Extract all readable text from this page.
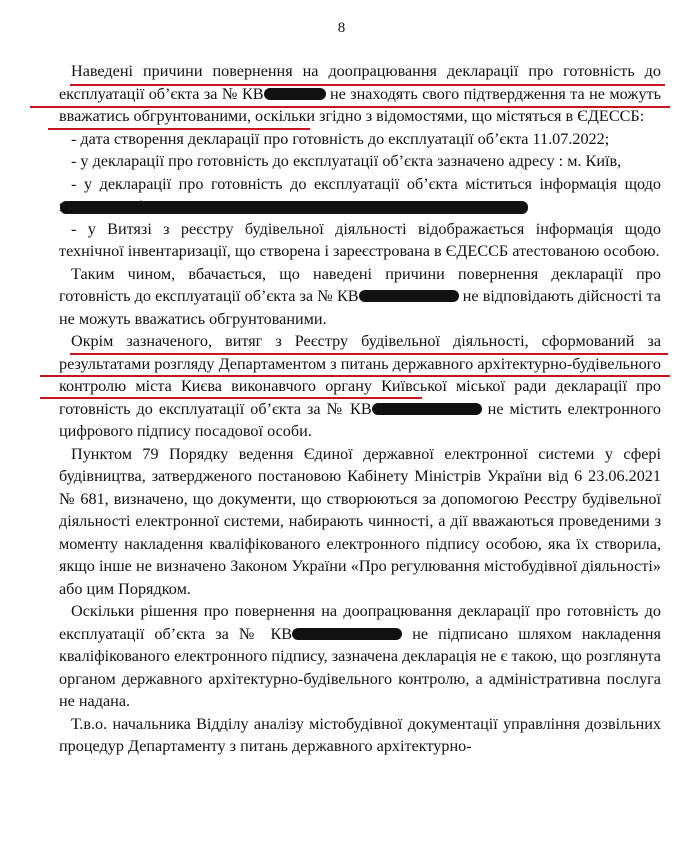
8

Наведені причини повернення на доопрацювання декларації про готовність до експлуатації об’єкта за № КВ	не знаходять свого підтвердження та не можуть вважатись обгрунтованими, оскільки згідно з відомостями, що містяться в ЄДЕССБ:

- дата створення декларації про готовність до експлуатації об’єкта 11.07.2022;

- у декларації про готовність до експлуатації об’єкта зазначено адресу : м. Київ,

- у декларації про готовність до експлуатації об’єкта міститься інформація щодо

- у Витязі з реєстру будівельної діяльності відображається інформація щодо технічної інвентаризації, що створена і зареєстрована в ЄДЕССБ атестованою особою.

Таким чином, вбачається, що наведені причини повернення декларації про готовність до експлуатації об’єкта за № КВ	не відповідають дійсності та не можуть вважатись обгрунтованими.

Окрім зазначеного, витяг з Реєстру будівельної діяльності, сформований за результатами розгляду Департаментом з питань державного архітектурно-будівельного контролю міста Києва виконавчого органу Київської міської ради декларації про готовність до експлуатації об’єкта за № КВ	не містить електронного цифрового підпису посадової особи.

Пунктом 79 Порядку ведення Єдиної державної електронної системи у сфері будівництва, затвердженого постановою Кабінету Міністрів України від 6 23.06.2021 № 681, визначено, що документи, що створюються за допомогою Реєстру будівельної діяльності електронної системи, набирають чинності, а дії вважаються проведеними з моменту накладення кваліфікованого електронного підпису особою, яка їх створила, якщо інше не визначено Законом України «Про регулювання містобудівної діяльності» або цим Порядком.

Оскільки рішення про повернення на доопрацювання декларації про готовність до експлуатації об’єкта за № КВ	не підписано шляхом накладення кваліфікованого електронного підпису, зазначена декларація не є такою, що розглянута органом державного архітектурно-будівельного контролю, а адміністративна послуга не надана.

Т.в.о. начальника Відділу аналізу містобудівної документації управління дозвільних процедур Департаменту з питань державного архітектурно-
